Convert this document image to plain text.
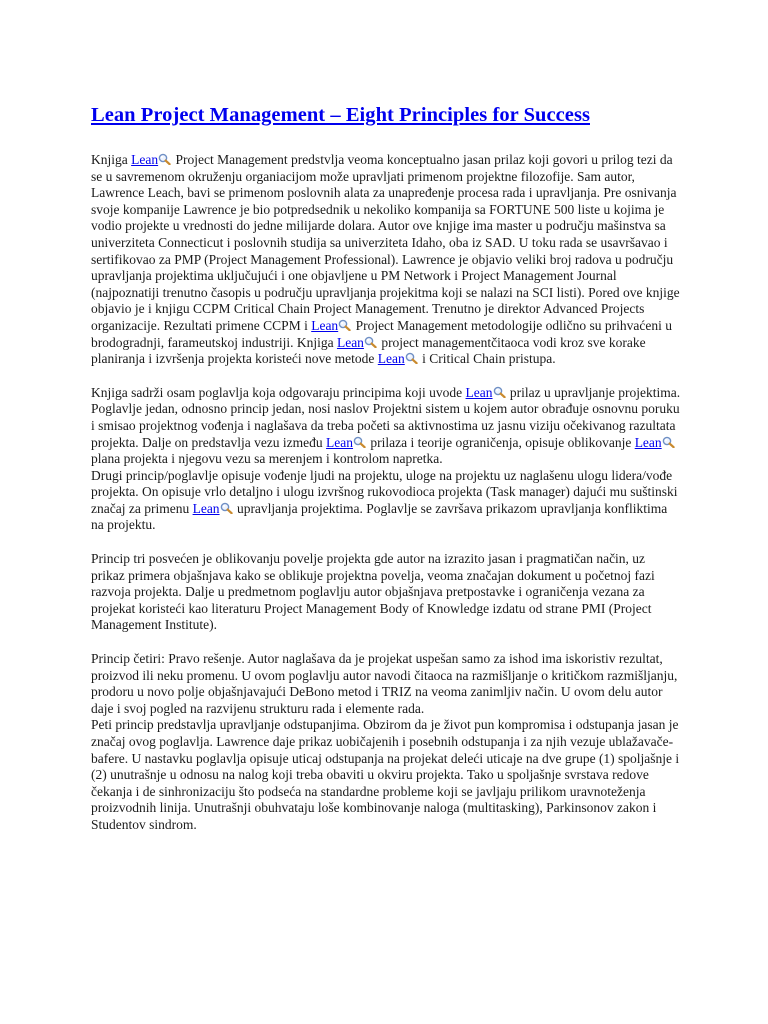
Lean Project Management – Eight Principles for Success

Knjiga Lean
Project Management predstvlja veoma konceptualno jasan prilaz koji govori u prilog tezi da se u savremenom okruženju organiacijom može upravljati primenom projektne filozofije. Sam autor, Lawrence Leach, bavi se primenom poslovnih alata za unapređenje procesa rada i upravljanja. Pre osnivanja svoje kompanije Lawrence je bio potpredsednik u nekoliko kompanija sa FORTUNE 500 liste u kojima je vodio projekte u vrednosti do jedne milijarde dolara. Autor ove knjige ima master u području mašinstva sa univerziteta Connecticut i poslovnih studija sa univerziteta Idaho, oba iz SAD. U toku rada se usavršavao i sertifikovao za PMP (Project Management Professional). Lawrence je objavio veliki broj radova u području upravljanja projektima uključujući i one objavljene u PM Network i Project Management Journal (najpoznatiji trenutno časopis u području upravljanja projekitma koji se nalazi na SCI listi). Pored ove knjige objavio je i knjigu CCPM Critical Chain Project Management. Trenutno je direktor Advanced Projects organizacije. Rezultati primene CCPM i Lean
Project Management metodologije odlično su prihvaćeni u brodogradnji, farameutskoj industriji. Knjiga Lean
project managementčitaoca vodi kroz sve korake planiranja i izvršenja projekta koristeći nove metode Lean
i Critical Chain pristupa.

Knjiga sadrži osam poglavlja koja odgovaraju principima koji uvode Lean
prilaz u upravljanje projektima. Poglavlje jedan, odnosno princip jedan, nosi naslov Projektni sistem u kojem autor obrađuje osnovnu poruku i smisao projektnog vođenja i naglašava da treba početi sa aktivnostima uz jasnu viziju očekivanog razultata projekta. Dalje on predstavlja vezu između Lean
prilaza i teorije ograničenja, opisuje oblikovanje Lean
plana projekta i njegovu vezu sa merenjem i kontrolom napretka.

Drugi princip/poglavlje opisuje vođenje ljudi na projektu, uloge na projektu uz naglašenu ulogu lidera/vođe projekta. On opisuje vrlo detaljno i ulogu izvršnog rukovodioca projekta (Task manager) dajući mu suštinski značaj za primenu Lean
upravljanja projektima. Poglavlje se završava prikazom upravljanja konfliktima na projektu.

Princip tri posvećen je oblikovanju povelje projekta gde autor na izrazito jasan i pragmatičan način, uz prikaz primera objašnjava kako se oblikuje projektna povelja, veoma značajan dokument u početnoj fazi razvoja projekta. Dalje u predmetnom poglavlju autor objašnjava pretpostavke i ograničenja vezana za projekat koristeći kao literaturu Project Management Body of Knowledge izdatu od strane PMI (Project Management Institute).

Princip četiri: Pravo rešenje. Autor naglašava da je projekat uspešan samo za ishod ima iskoristiv rezultat, proizvod ili neku promenu. U ovom poglavlju autor navodi čitaoca na razmišljanje o kritičkom razmišljanju, prodoru u novo polje objašnjavajući DeBono metod i TRIZ na veoma zanimljiv način. U ovom delu autor daje i svoj pogled na razvijenu strukturu rada i elemente rada.

Peti princip predstavlja upravljanje odstupanjima. Obzirom da je život pun kompromisa i odstupanja jasan je značaj ovog poglavlja. Lawrence daje prikaz uobičajenih i posebnih odstupanja i za njih vezuje ublažavače-bafere. U nastavku poglavlja opisuje uticaj odstupanja na projekat deleći uticaje na dve grupe (1) spoljašnje i (2) unutrašnje u odnosu na nalog koji treba obaviti u okviru projekta. Tako u spoljašnje svrstava redove čekanja i de sinhronizaciju što podseća na standardne probleme koji se javljaju prilikom uravnoteženja proizvodnih linija. Unutrašnji obuhvataju loše kombinovanje naloga (multitasking), Parkinsonov zakon i Studentov sindrom.
